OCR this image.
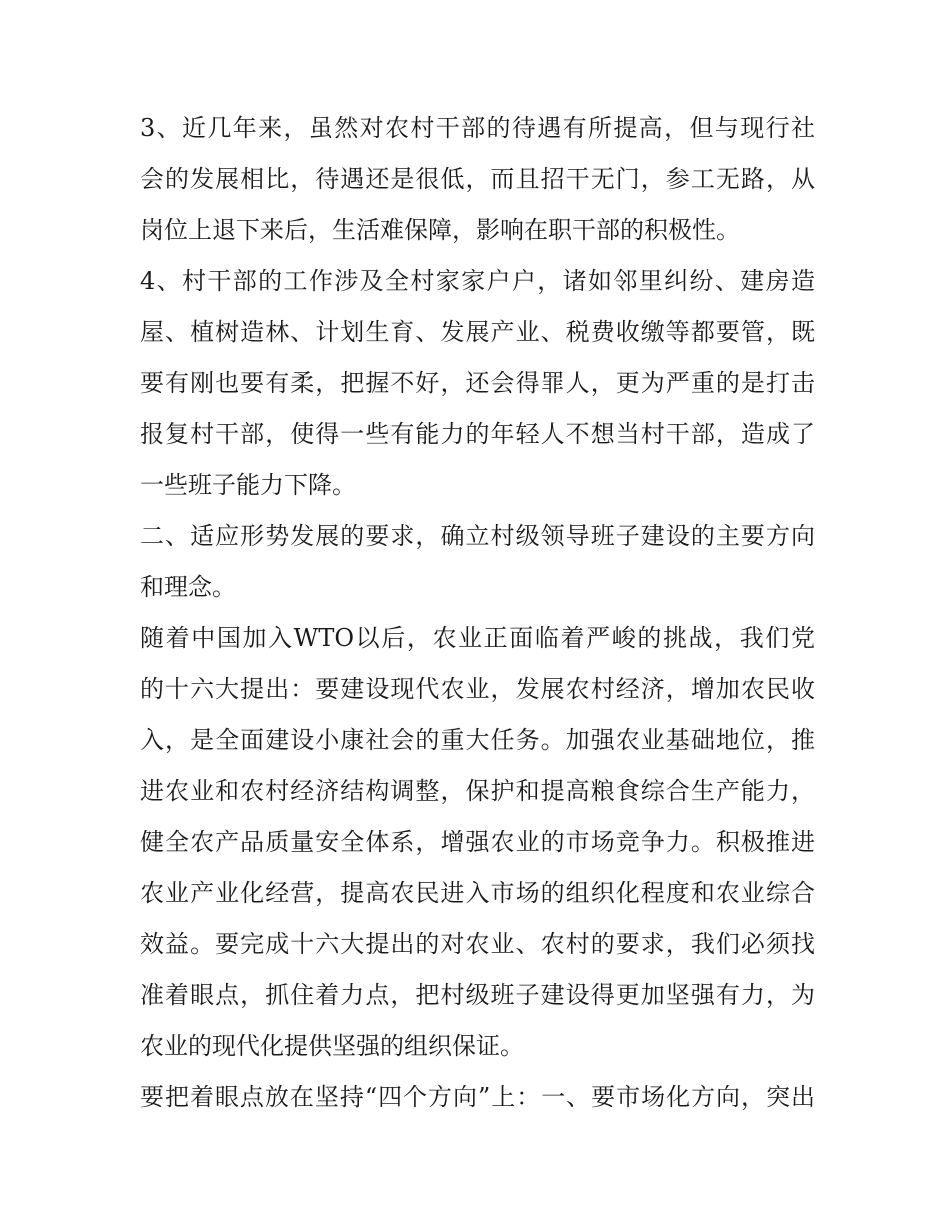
3、近几年来，虽然对农村干部的待遇有所提高，但与现行社
会的发展相比，待遇还是很低，而且招干无门，参工无路，从
岗位上退下来后，生活难保障，影响在职干部的积极性。
4、村干部的工作涉及全村家家户户，诸如邻里纠纷、建房造
屋、植树造林、计划生育、发展产业、税费收缴等都要管，既
要有刚也要有柔，把握不好，还会得罪人，更为严重的是打击
报复村干部，使得一些有能力的年轻人不想当村干部，造成了
一些班子能力下降。
二、适应形势发展的要求，确立村级领导班子建设的主要方向
和理念。
随着中国加入WTO以后，农业正面临着严峻的挑战，我们党
的十六大提出：要建设现代农业，发展农村经济，增加农民收
入，是全面建设小康社会的重大任务。加强农业基础地位，推
进农业和农村经济结构调整，保护和提高粮食综合生产能力，
健全农产品质量安全体系，增强农业的市场竞争力。积极推进
农业产业化经营，提高农民进入市场的组织化程度和农业综合
效益。要完成十六大提出的对农业、农村的要求，我们必须找
准着眼点，抓住着力点，把村级班子建设得更加坚强有力，为
农业的现代化提供坚强的组织保证。
要把着眼点放在坚持“四个方向”上：一、要市场化方向，突出
